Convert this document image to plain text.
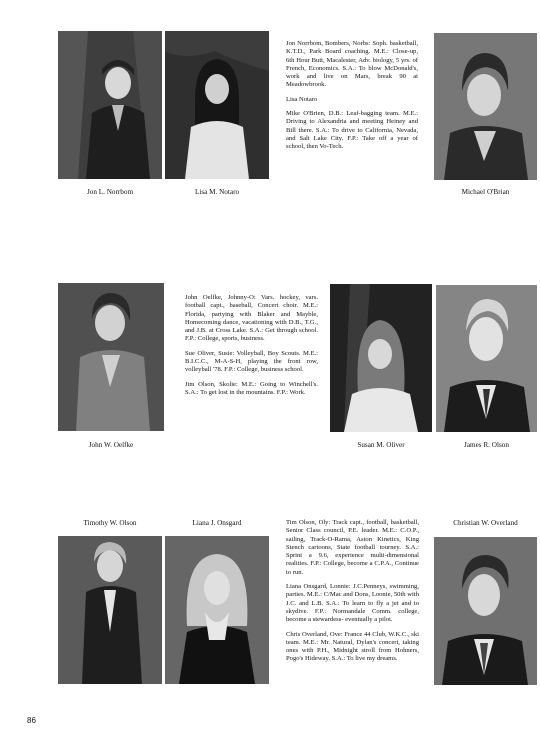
Jon Norrbom, Bombers, Norbs: Soph. basketball, K.T.D., Park Board coaching. M.E.: Close-up, 6th Hour Butt, Macalester, Adv. biology, 5 yrs. of French, Economics. S.A.: To blow McDonald's, work and live on Mars, break 90 at Meadowbrook.

Lisa Notaro

Mike O'Brien, D.B.: Leaf-bagging team. M.E.: Driving to Alexandria and meeting Heiney and Bill there. S.A.: To drive to California, Nevada, and Salt Lake City. F.P.: Take off a year of school, then Vo-Tech.

Jon L. Norrbom	Lisa M. Notaro	Michael O'Brian

John Oelfke, Johnny-O: Vars. hockey, vars. football capt., baseball, Concert choir. M.E.: Florida, partying with Blaker and Mayble, Homecoming dance, vacationing with D.B., T.G., and J.B. at Cross Lake. S.A.: Get through school. F.P.: College, sports, business.

Sue Oliver, Susie: Volleyball, Boy Scouts. M.E.: B.I.C.C., M-A-S-H, playing the front row, volleyball '78. F.P.: College, business school.

Jim Olson, Skolie: M.E.: Going to Winchell's. S.A.: To get lost in the mountains. F.P.: Work.

John W. Oelfke	Susan M. Oliver	James R. Olson
Timothy W. Olson	Liana J. Onsgard	Christian W. Overland

Tim Olson, Oly: Track capt., football, basketball, Senior Class council, P.E. leader. M.E.: C.O.P., sailing, Track-O-Rama, Aston Kinetics, King Stench cartoons, State football tourney. S.A.: Sprint a 9.6, experience multi-dimensional realities. F.P.: College, become a C.P.A., Continue to run.

Liana Onsgard, Lonnie: J.C.Penneys, swimming, parties. M.E.: C/Mac and Dons, Loonie, 50th with J.C. and L.B. S.A.: To learn to fly a jet and to skydive. F.P.: Normandale Comm. college, become a stewardess- eventually a pilot.

Chris Overland, Ove: France 44 Club, W.K.C., ski team. M.E.: Mr. Natural, Dylan's concert, taking ones with P.H., Midnight stroll from Hohners, Pogo's Hideway. S.A.: To live my dreams.

86
